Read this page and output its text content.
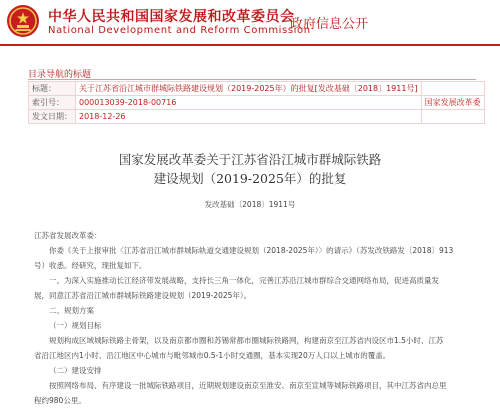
中华人民共和国国家发展和改革委员会
National Development and Reform Commission
政府信息公开
目录导航的标题
标题：	关于江苏省沿江城市群城际铁路建设规划（2019-2025年）的批复[发改基础〔2018〕1911号]	
索引号：	000013039-2018-00716	国家发展改革委
发文日期：	2018-12-26	
国家发展改革委关于江苏省沿江城市群城际铁路
建设规划（2019-2025年）的批复
发改基础〔2018〕1911号
江苏省发展改革委：
你委《关于上报审批〈江苏省沿江城市群城际轨道交通建设规划（2018-2025年）〉的请示》（苏发改铁路发〔2018〕913
号）收悉。经研究，现批复如下。
一、为深入实施推动长江经济带发展战略，支持长三角一体化，完善江苏沿江城市群综合交通网络布局，促进高质量发
展，同意江苏省沿江城市群城际铁路建设规划（2019-2025年）。
二、规划方案
（一）规划目标
规划构成区域城际铁路主骨架，以及南京都市圈和苏锡常都市圈城际铁路网，构建南京至江苏省内设区市1.5小时、江苏
省沿江地区内1小时、沿江地区中心城市与毗邻城市0.5-1小时交通圈，基本实现20万人口以上城市的覆盖。
（二）建设安排
按照网络布局、有序建设一批城际铁路项目，近期规划建设南京至淮安、南京至宣城等城际铁路项目，其中江苏省内总里
程约980公里。
